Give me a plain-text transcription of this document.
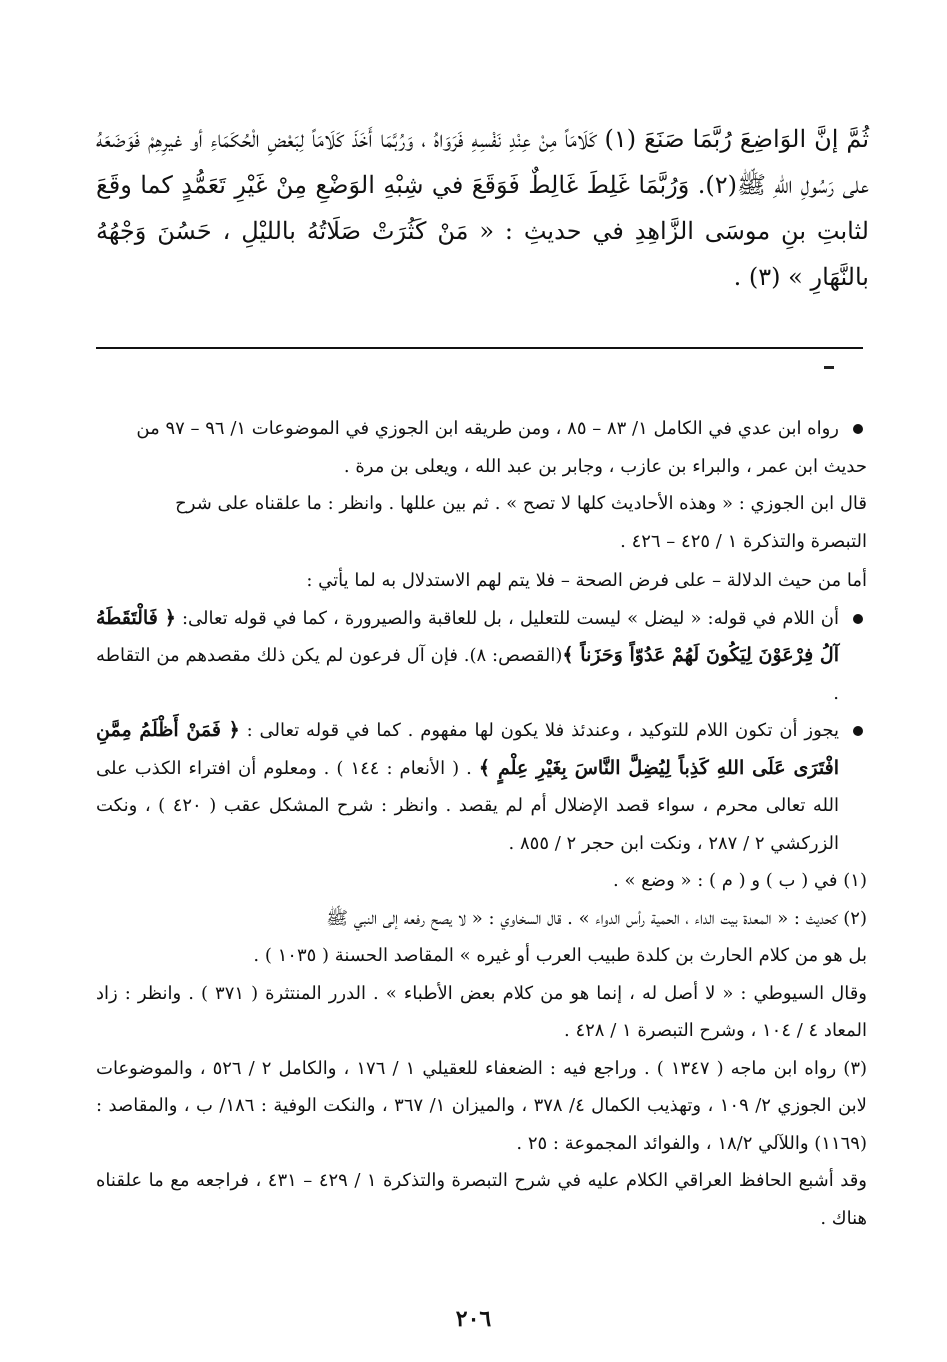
ثُمَّ إنَّ الوَاضِعَ رُبَّمَا صَنَعَ (١) كَلَامَاً مِنْ عِنْدِ نَفْسِهِ فَرَوَاهُ ، وَرُبَّمَا أَخَذَ كَلَامَاً لِبَعْضِ الْحُكَمَاءِ أو غيرِهِمْ فَوَضَعَهُ على رَسُولِ اللهِ ﷺ(٢). وَرُبَّمَا غَلِطَ غَالِطٌ فَوَقَعَ في شِبْهِ الوَضْعِ مِنْ غَيْرِ تَعَمُّدٍ كما وقَعَ لثابتِ بنِ موسَى الزَّاهِدِ في حديثِ : « مَنْ كَثُرَتْ صَلَاتُهُ بالليْلِ ، حَسُنَ وَجْهُهُ بالنَّهَارِ » (٣) .

رواه ابن عدي في الكامل ١/ ٨٣ – ٨٥ ، ومن طريقه ابن الجوزي في الموضوعات ١/ ٩٦ – ٩٧ من

حديث ابن عمر ، والبراء بن عازب ، وجابر بن عبد الله ، ويعلى بن مرة .

قال ابن الجوزي : « وهذه الأحاديث كلها لا تصح » . ثم بين عللها . وانظر : ما علقناه على شرح

التبصرة والتذكرة ١ / ٤٢٥ – ٤٢٦ .

أما من حيث الدلالة – على فرض الصحة – فلا يتم لهم الاستدلال به لما يأتي :

أن اللام في قوله: « ليضل » ليست للتعليل ، بل للعاقبة والصيرورة ، كما في قوله تعالى: ﴿ فَالْتَقَطَهُ آلُ فِرْعَوْنَ لِيَكُونَ لَهُمْ عَدُوّاً وَحَزَناً ﴾(القصص: ٨). فإن آل فرعون لم يكن ذلك مقصدهم من التقاطه .

يجوز أن تكون اللام للتوكيد ، وعندئذ فلا يكون لها مفهوم . كما في قوله تعالى : ﴿ فَمَنْ أَظْلَمُ مِمَّنِ افْتَرَى عَلَى اللهِ كَذِباً لِيُضِلَّ النَّاسَ بِغَيْرِ عِلْمٍ ﴾ . ( الأنعام : ١٤٤ ) . ومعلوم أن افتراء الكذب على الله تعالى محرم ، سواء قصد الإضلال أم لم يقصد . وانظر : شرح المشكل عقب ( ٤٢٠ ) ، ونكت الزركشي ٢ / ٢٨٧ ، ونكت ابن حجر ٢ / ٨٥٥ .

(١) في ( ب ) و ( م ) : « وضع » .

(٢) كحديث : « المعدة بيت الداء ، الحمية رأس الدواء » . قال السخاوي : « لا يصح رفعه إلى النبي ﷺ

بل هو من كلام الحارث بن كلدة طبيب العرب أو غيره » المقاصد الحسنة ( ١٠٣٥ ) .

وقال السيوطي : « لا أصل له ، إنما هو من كلام بعض الأطباء » . الدرر المنتثرة ( ٣٧١ ) . وانظر : زاد المعاد ٤ / ١٠٤ ، وشرح التبصرة ١ / ٤٢٨ .

(٣) رواه ابن ماجه ( ١٣٤٧ ) . وراجع فيه : الضعفاء للعقيلي ١ / ١٧٦ ، والكامل ٢ / ٥٢٦ ، والموضوعات لابن الجوزي ٢/ ١٠٩ ، وتهذيب الكمال ٤/ ٣٧٨ ، والميزان ١/ ٣٦٧ ، والنكت الوفية : ١٨٦/ ب ، والمقاصد : (١١٦٩) واللآلي ١٨/٢ ، والفوائد المجموعة : ٢٥ .

وقد أشبع الحافظ العراقي الكلام عليه في شرح التبصرة والتذكرة ١ / ٤٢٩ – ٤٣١ ، فراجعه مع ما علقناه هناك .

٢٠٦
